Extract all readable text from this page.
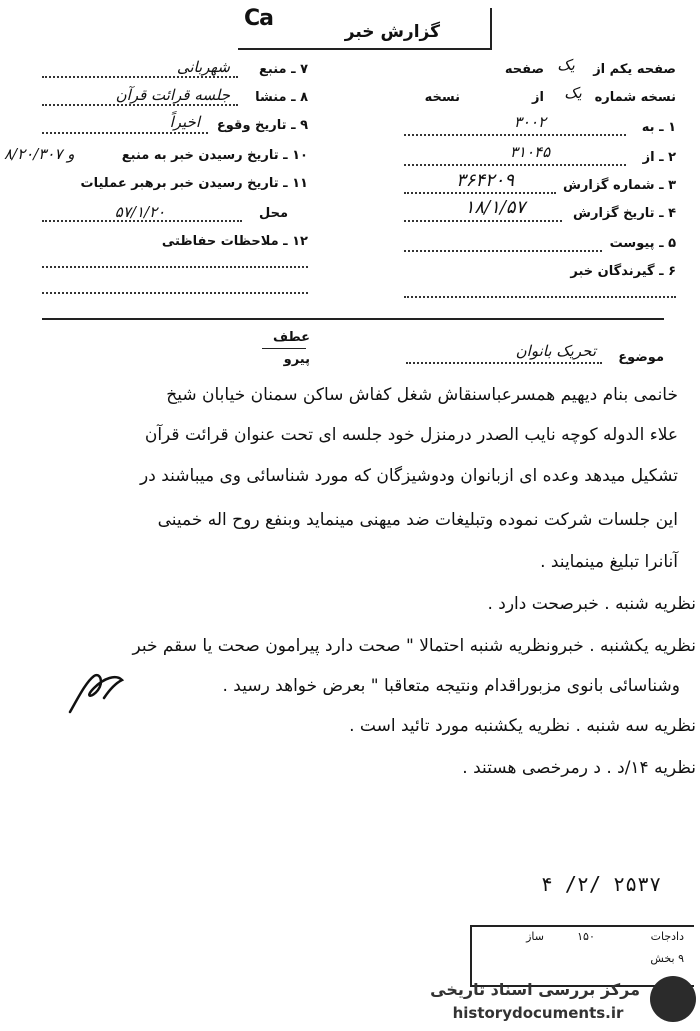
Ca
گزارش خبر
۷ ـ منبع
شهربانی
۸ ـ منشا
جلسه قرائت قرآن
۹ ـ تاریخ وقوع
اخیراً
۱۰ ـ تاریخ رسیدن خبر به منبع
۸/۲۰/۳۰۷ و
۱۱ ـ تاریخ رسیدن خبر برهبر عملیات
محل
۵۷/۱/۲۰
۱۲ ـ ملاحظات حفاظتی
صفحه یکم از
یک
صفحه
نسخه شماره
یک
از
نسخه
۱ ـ به
۳۰۰۲
۲ ـ از
۳۱۰۴۵
۳ ـ شماره گزارش
۳۶۴۲۰۹
۴ ـ تاریخ گزارش
۱۸/۱/۵۷
۵ ـ پیوست
۶ ـ گیرندگان خبر
عطف
پیرو	موضوع
تحریک بانوان
خانمی بنام دیهیم همسرعباسنقاش شغل کفاش ساکن سمنان خیابان شیخ
علاء الدوله کوچه نایب الصدر درمنزل خود جلسه ای تحت عنوان قرائت قرآن
تشکیل میدهد وعده ای ازبانوان ودوشیزگان که مورد شناسائی وی میباشند در
این جلسات شرکت نموده وتبلیغات ضد میهنی مینماید وبنفع روح اله خمینی
آنانرا تبلیغ مینمایند .
نظریه شنبه . خبرصحت دارد .
نظریه یکشنبه . خبرونظریه شنبه احتمالا " صحت دارد پیرامون صحت یا سقم خبر
وشناسائی بانوی مزبوراقدام ونتیجه متعاقبا " بعرض خواهد رسید .
نظریه سه شنبه . نظریه یکشنبه مورد تائید است .
نظریه ۱۴/د . د رمرخصی هستند .
۴ /۲/ ۲۵۳۷
دادجات
۱۵۰
ساز
۹ بخش
مرکز بررسی اسناد تاریخی
historydocuments.ir
